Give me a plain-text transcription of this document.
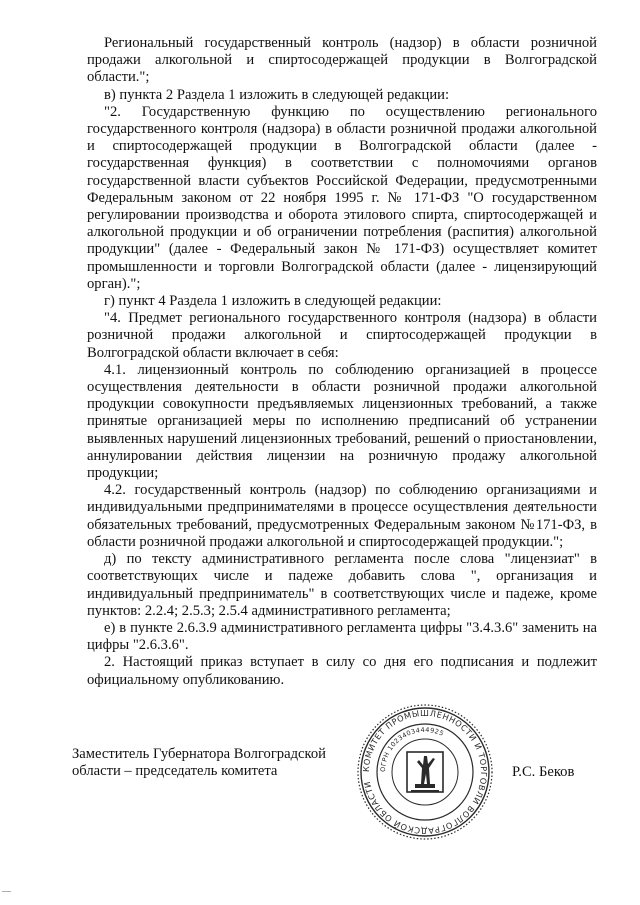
Региональный государственный контроль (надзор) в области розничной продажи алкогольной и спиртосодержащей продукции в Волгоградской области.";

в) пункта 2 Раздела 1 изложить в следующей редакции:

"2. Государственную функцию по осуществлению регионального государственного контроля (надзора) в области розничной продажи алкогольной и спиртосодержащей продукции в Волгоградской области (далее - государственная функция) в соответствии с полномочиями органов государственной власти субъектов Российской Федерации, предусмотренными Федеральным законом от 22 ноября 1995 г. № 171-ФЗ "О государственном регулировании производства и оборота этилового спирта, спиртосодержащей и алкогольной продукции и об ограничении потребления (распития) алкогольной продукции" (далее - Федеральный закон № 171-ФЗ) осуществляет комитет промышленности и торговли Волгоградской области (далее - лицензирующий орган).";

г) пункт 4 Раздела 1 изложить в следующей редакции:

"4. Предмет регионального государственного контроля (надзора) в области розничной продажи алкогольной и спиртосодержащей продукции в Волгоградской области включает в себя:

4.1. лицензионный контроль по соблюдению организацией в процессе осуществления деятельности в области розничной продажи алкогольной продукции совокупности предъявляемых лицензионных требований, а также принятые организацией меры по исполнению предписаний об устранении выявленных нарушений лицензионных требований, решений о приостановлении, аннулировании действия лицензии на розничную продажу алкогольной продукции;

4.2. государственный контроль (надзор) по соблюдению организациями и индивидуальными предпринимателями в процессе осуществления деятельности обязательных требований, предусмотренных Федеральным законом №171-ФЗ, в области розничной продажи алкогольной и спиртосодержащей продукции.";

д) по тексту административного регламента после слова "лицензиат" в соответствующих числе и падеже добавить слова ", организация и индивидуальный предприниматель" в соответствующих числе и падеже, кроме пунктов: 2.2.4; 2.5.3; 2.5.4 административного регламента;

е) в пункте 2.6.3.9 административного регламента цифры "3.4.3.6" заменить на цифры "2.6.3.6".

2. Настоящий приказ вступает в силу со дня его подписания и подлежит официальному опубликованию.

Заместитель Губернатора Волгоградской
области – председатель комитета	КОМИТЕТ ПРОМЫШЛЕННОСТИ И ТОРГОВЛИ ВОЛГОГРАДСКОЙ ОБЛАСТИ
ОГРН 1023403444925
Р.С. Беков
—
